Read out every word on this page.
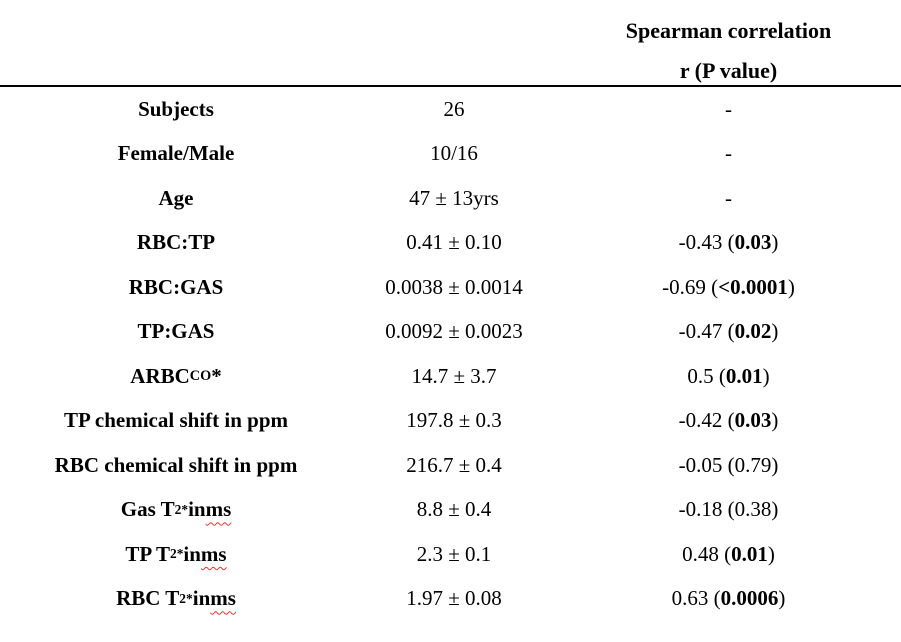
Spearman correlation
r (P value)
Subjects	26	-
Female/Male	10/16	-
Age	47 ± 13yrs	-
RBC:TP	0.41 ± 0.10	-0.43 ( 0.03 )
RBC:GAS	0.0038 ± 0.0014	-0.69 ( <0.0001 )
TP:GAS	0.0092 ± 0.0023	-0.47 ( 0.02 )
ARBC CO *	14.7 ± 3.7	0.5 ( 0.01 )
TP chemical shift in ppm	197.8 ± 0.3	-0.42 ( 0.03 )
RBC chemical shift in ppm	216.7 ± 0.4	-0.05 (0.79)
Gas T 2 * in ms	8.8 ± 0.4	-0.18 (0.38)
TP T 2 * in ms	2.3 ± 0.1	0.48 ( 0.01 )
RBC T 2 * in ms	1.97 ± 0.08	0.63 ( 0.0006 )
